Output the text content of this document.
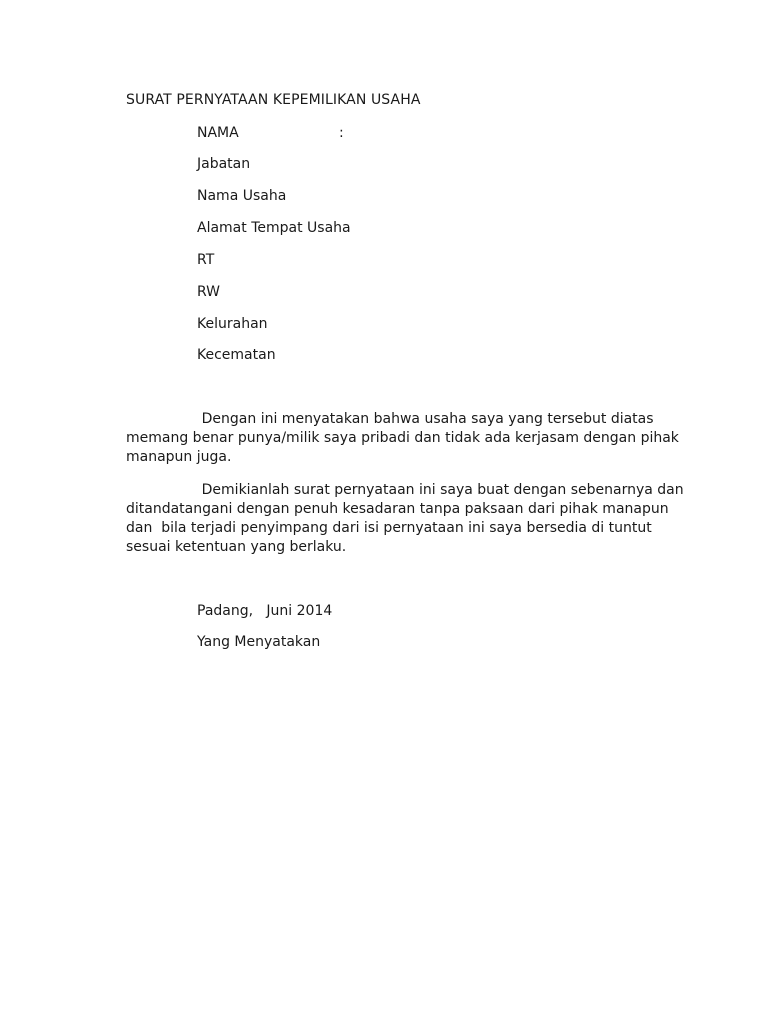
SURAT PERNYATAAN KEPEMILIKAN USAHA
NAMA	:
Jabatan
Nama Usaha
Alamat Tempat Usaha
RT
RW
Kelurahan
Kecematan
Dengan ini menyatakan bahwa usaha saya yang tersebut diatas
memang benar punya/milik saya pribadi dan tidak ada kerjasam dengan pihak
manapun juga.
Demikianlah surat pernyataan ini saya buat dengan sebenarnya dan
ditandatangani dengan penuh kesadaran tanpa paksaan dari pihak manapun
dan  bila terjadi penyimpang dari isi pernyataan ini saya bersedia di tuntut
sesuai ketentuan yang berlaku.
Padang,   Juni 2014
Yang Menyatakan
